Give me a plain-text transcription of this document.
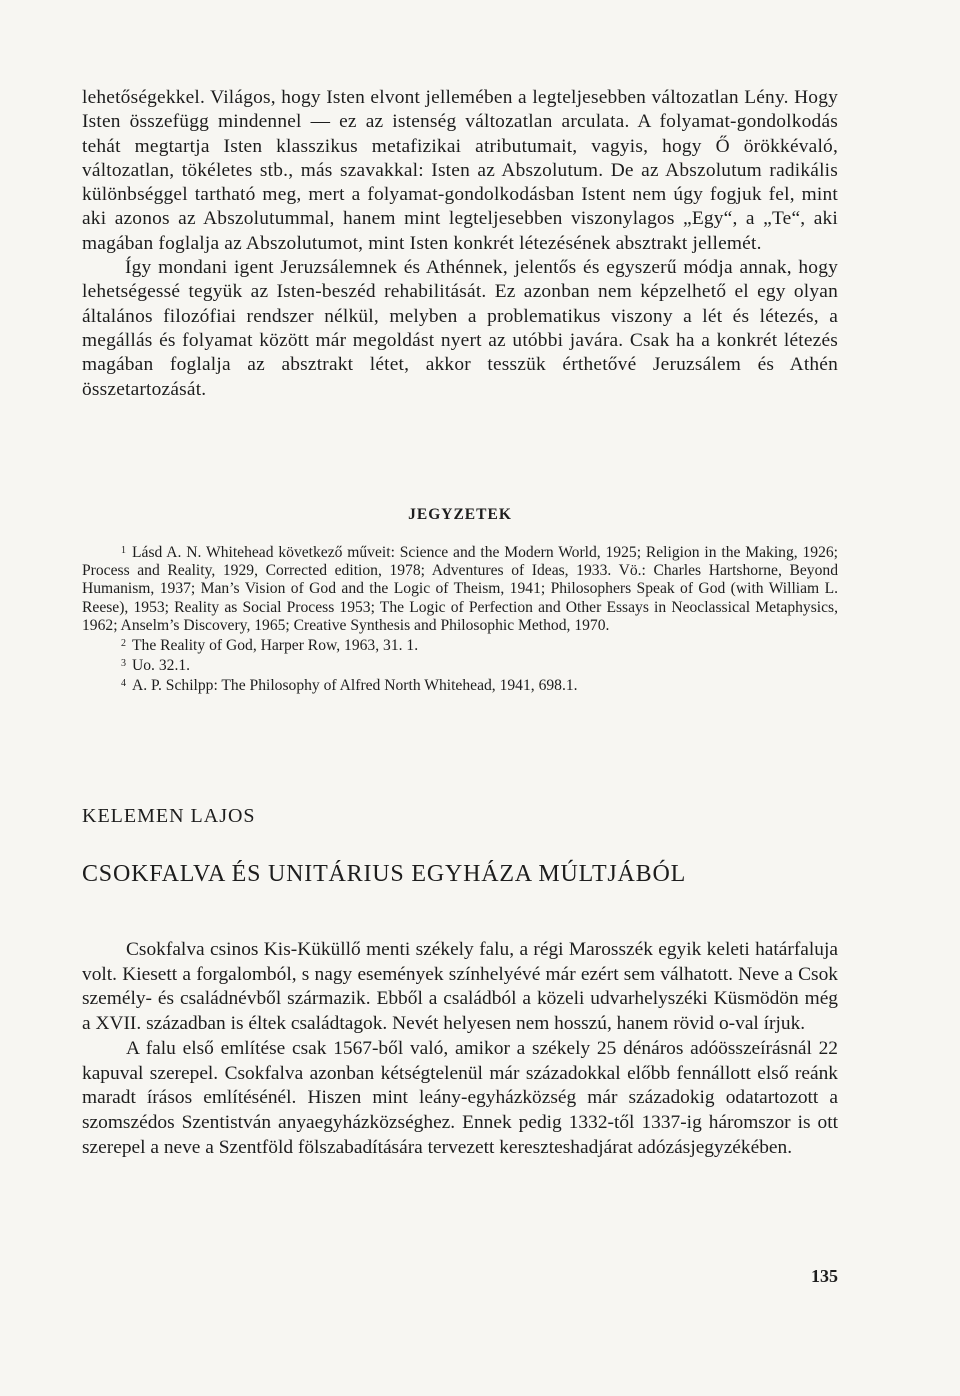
lehetőségekkel. Világos, hogy Isten elvont jellemében a legteljesebben változatlan Lény. Hogy Isten összefügg mindennel — ez az istenség változatlan arculata. A folyamat-gondolkodás tehát megtartja Isten klasszikus metafizikai atributumait, vagyis, hogy Ő örökkévaló, változatlan, tökéletes stb., más szavakkal: Isten az Abszolutum. De az Abszolutum radikális különbséggel tartható meg, mert a folyamat-gondolkodásban Istent nem úgy fogjuk fel, mint aki azonos az Abszolutummal, hanem mint legteljesebben viszonylagos „Egy“, a „Te“, aki magában foglalja az Abszolutumot, mint Isten konkrét létezésének absztrakt jellemét.

Így mondani igent Jeruzsálemnek és Athénnek, jelentős és egyszerű módja annak, hogy lehetségessé tegyük az Isten-beszéd rehabilitását. Ez azonban nem képzelhető el egy olyan általános filozófiai rendszer nélkül, melyben a problematikus viszony a lét és létezés, a megállás és folyamat között már megoldást nyert az utóbbi javára. Csak ha a konkrét létezés magában foglalja az absztrakt létet, akkor tesszük érthetővé Jeruzsálem és Athén összetartozását.

JEGYZETEK

$^1$ Lásd A. N. Whitehead következő műveit: Science and the Modern World, 1925; Religion in the Making, 1926; Process and Reality, 1929, Corrected edition, 1978; Adventures of Ideas, 1933. Vö.: Charles Hartshorne, Beyond Humanism, 1937; Man’s Vision of God and the Logic of Theism, 1941; Philosophers Speak of God (with William L. Reese), 1953; Reality as Social Process 1953; The Logic of Perfection and Other Essays in Neoclassical Metaphysics, 1962; Anselm’s Discovery, 1965; Creative Synthesis and Philosophic Method, 1970.

$^2$ The Reality of God, Harper Row, 1963, 31. 1.

$^3$ Uo. 32.1.

$^4$ A. P. Schilpp: The Philosophy of Alfred North Whitehead, 1941, 698.1.

KELEMEN LAJOS
CSOKFALVA ÉS UNITÁRIUS EGYHÁZA MÚLTJÁBÓL

Csokfalva csinos Kis-Küküllő menti székely falu, a régi Marosszék egyik keleti határfaluja volt. Kiesett a forgalomból, s nagy események színhelyévé már ezért sem válhatott. Neve a Csok személy- és családnévből származik. Ebből a családból a közeli udvarhelyszéki Küsmödön még a XVII. században is éltek családtagok. Nevét helyesen nem hosszú, hanem rövid o-val írjuk.

A falu első említése csak 1567-ből való, amikor a székely 25 dénáros adóösszeírásnál 22 kapuval szerepel. Csokfalva azonban kétségtelenül már századokkal előbb fennállott első reánk maradt írásos említésénél. Hiszen mint leány-egyházközség már századokig odatartozott a szomszédos Szentistván anyaegyházközséghez. Ennek pedig 1332-től 1337-ig háromszor is ott szerepel a neve a Szentföld fölszabadítására tervezett kereszteshadjárat adózásjegyzékében.

135
